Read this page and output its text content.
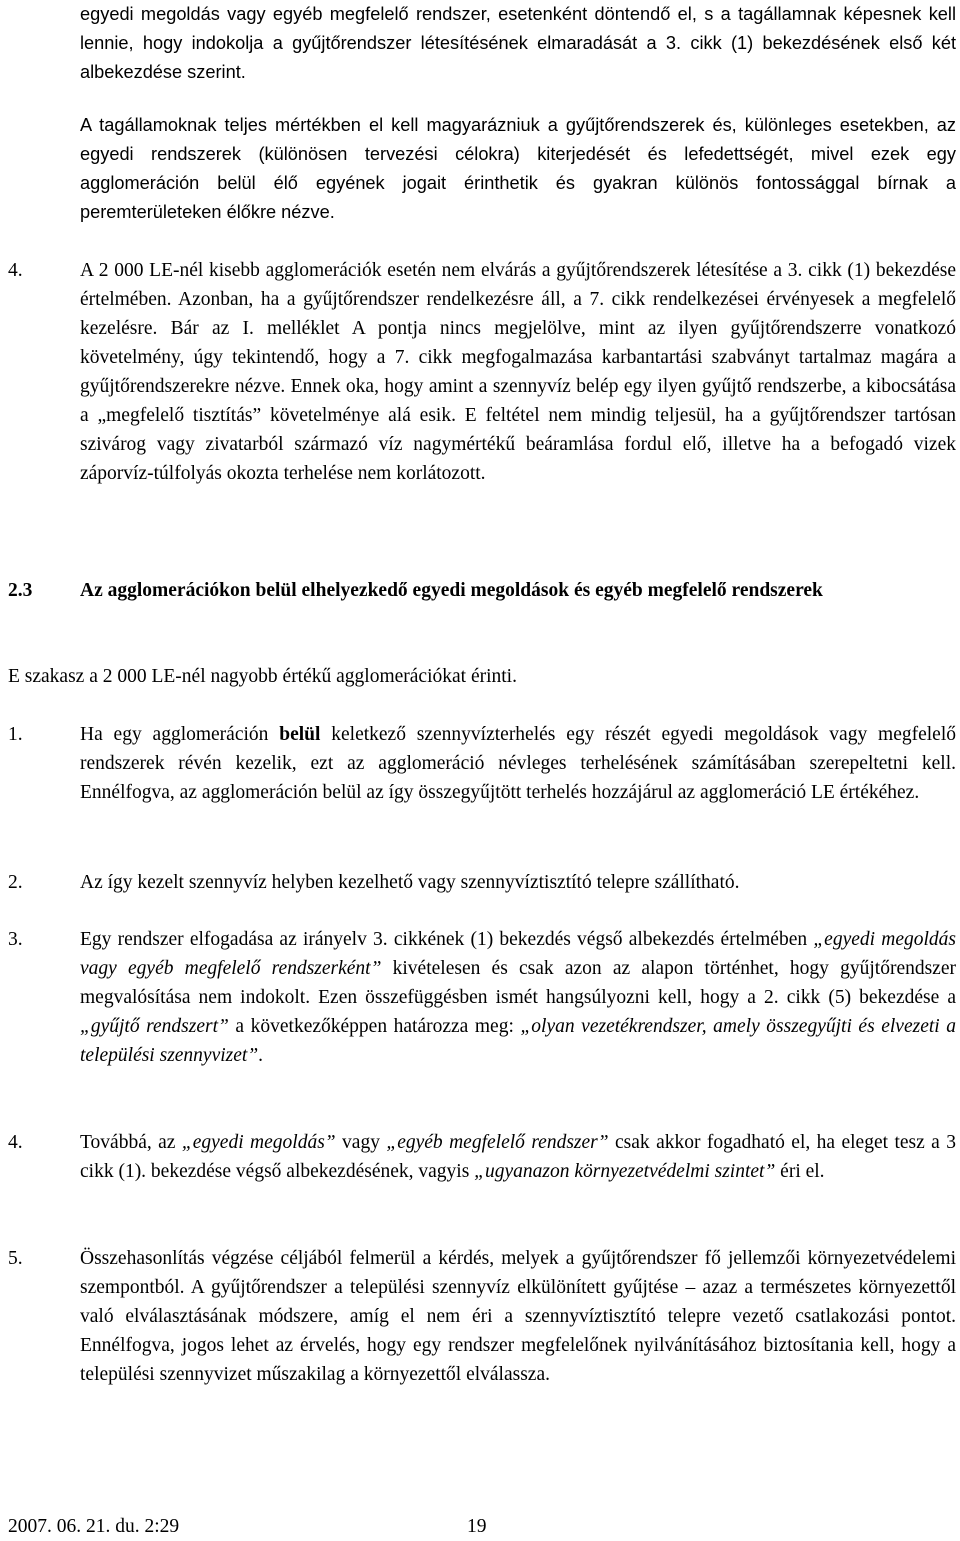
egyedi megoldás vagy egyéb megfelelő rendszer, esetenként döntendő el, s a tagállamnak képesnek kell lennie, hogy indokolja a gyűjtőrendszer létesítésének elmaradását a 3. cikk (1) bekezdésének első két albekezdése szerint.

A tagállamoknak teljes mértékben el kell magyarázniuk a gyűjtőrendszerek és, különleges esetekben, az egyedi rendszerek (különösen tervezési célokra) kiterjedését és lefedettségét, mivel ezek egy agglomeráción belül élő egyének jogait érinthetik és gyakran különös fontossággal bírnak a peremterületeken élőkre nézve.

4.	A 2 000 LE-nél kisebb agglomerációk esetén nem elvárás a gyűjtőrendszerek létesítése a 3. cikk (1) bekezdése értelmében. Azonban, ha a gyűjtőrendszer rendelkezésre áll, a 7. cikk rendelkezései érvényesek a megfelelő kezelésre. Bár az I. melléklet A pontja nincs megjelölve, mint az ilyen gyűjtőrendszerre vonatkozó követelmény, úgy tekintendő, hogy a 7. cikk megfogalmazása karbantartási szabványt tartalmaz magára a gyűjtőrendszerekre nézve. Ennek oka, hogy amint a szennyvíz belép egy ilyen gyűjtő rendszerbe, a kibocsátása a „megfelelő tisztítás” követelménye alá esik. E feltétel nem mindig teljesül, ha a gyűjtőrendszer tartósan szivárog vagy zivatarból származó víz nagymértékű beáramlása fordul elő, illetve ha a befogadó vizek záporvíz-túlfolyás okozta terhelése nem korlátozott.

2.3 Az agglomerációkon belül elhelyezkedő egyedi megoldások és egyéb megfelelő rendszerek

E szakasz a 2 000 LE-nél nagyobb értékű agglomerációkat érinti.

1.	Ha egy agglomeráción belül keletkező szennyvízterhelés egy részét egyedi megoldások vagy megfelelő rendszerek révén kezelik, ezt az agglomeráció névleges terhelésének számításában szerepeltetni kell. Ennélfogva, az agglomeráción belül az így összegyűjtött terhelés hozzájárul az agglomeráció LE értékéhez.

2.	Az így kezelt szennyvíz helyben kezelhető vagy szennyvíztisztító telepre szállítható.

3.	Egy rendszer elfogadása az irányelv 3. cikkének (1) bekezdés végső albekezdés értelmében „egyedi megoldás vagy egyéb megfelelő rendszerként” kivételesen és csak azon az alapon történhet, hogy gyűjtőrendszer megvalósítása nem indokolt. Ezen összefüggésben ismét hangsúlyozni kell, hogy a 2. cikk (5) bekezdése a „gyűjtő rendszert” a következőképpen határozza meg: „olyan vezetékrendszer, amely összegyűjti és elvezeti a települési szennyvizet”.

4.	Továbbá, az „egyedi megoldás” vagy „egyéb megfelelő rendszer” csak akkor fogadható el, ha eleget tesz a 3 cikk (1). bekezdése végső albekezdésének, vagyis „ugyanazon környezetvédelmi szintet” éri el.

5.	Összehasonlítás végzése céljából felmerül a kérdés, melyek a gyűjtőrendszer fő jellemzői környezetvédelemi szempontból. A gyűjtőrendszer a települési szennyvíz elkülönített gyűjtése – azaz a természetes környezettől való elválasztásának módszere, amíg el nem éri a szennyvíztisztító telepre vezető csatlakozási pontot. Ennélfogva, jogos lehet az érvelés, hogy egy rendszer megfelelőnek nyilvánításához biztosítania kell, hogy a települési szennyvizet műszakilag a környezettől elválassza.

2007. 06. 21. du. 2:29	19
